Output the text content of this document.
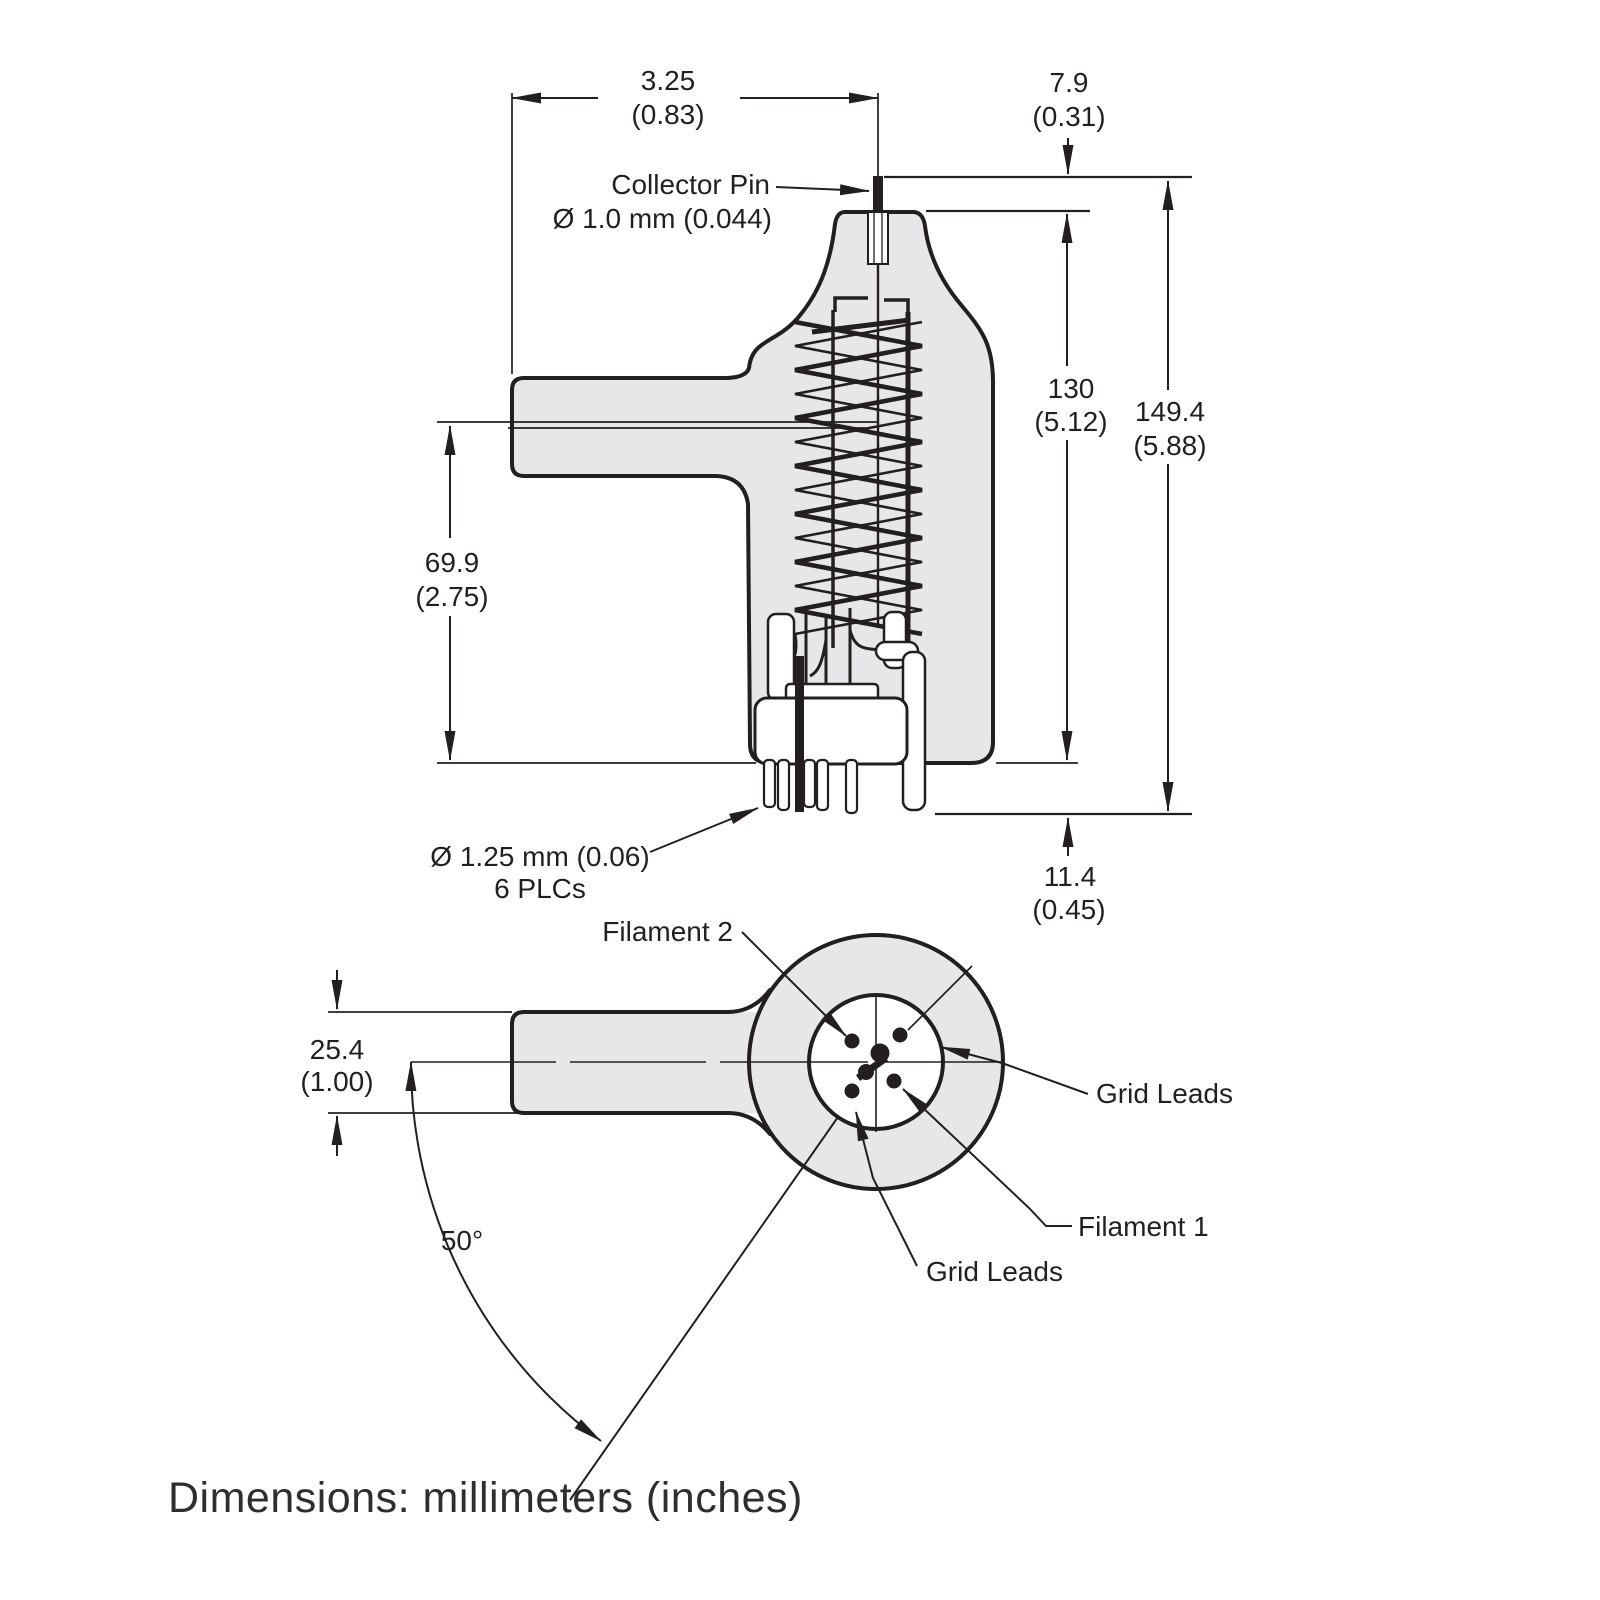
3.25
(0.83)
7.9
(0.31)
130
(5.12) 149.4
(5.88)
69.9
(2.75)
11.4
(0.45)
Collector Pin
Ø 1.0 mm (0.044)
Ø 1.25 mm (0.06)
6 PLCs
50°
25.4
(1.00)
Filament 2
Grid Leads
Filament 1
Grid Leads
Dimensions: millimeters (inches)
